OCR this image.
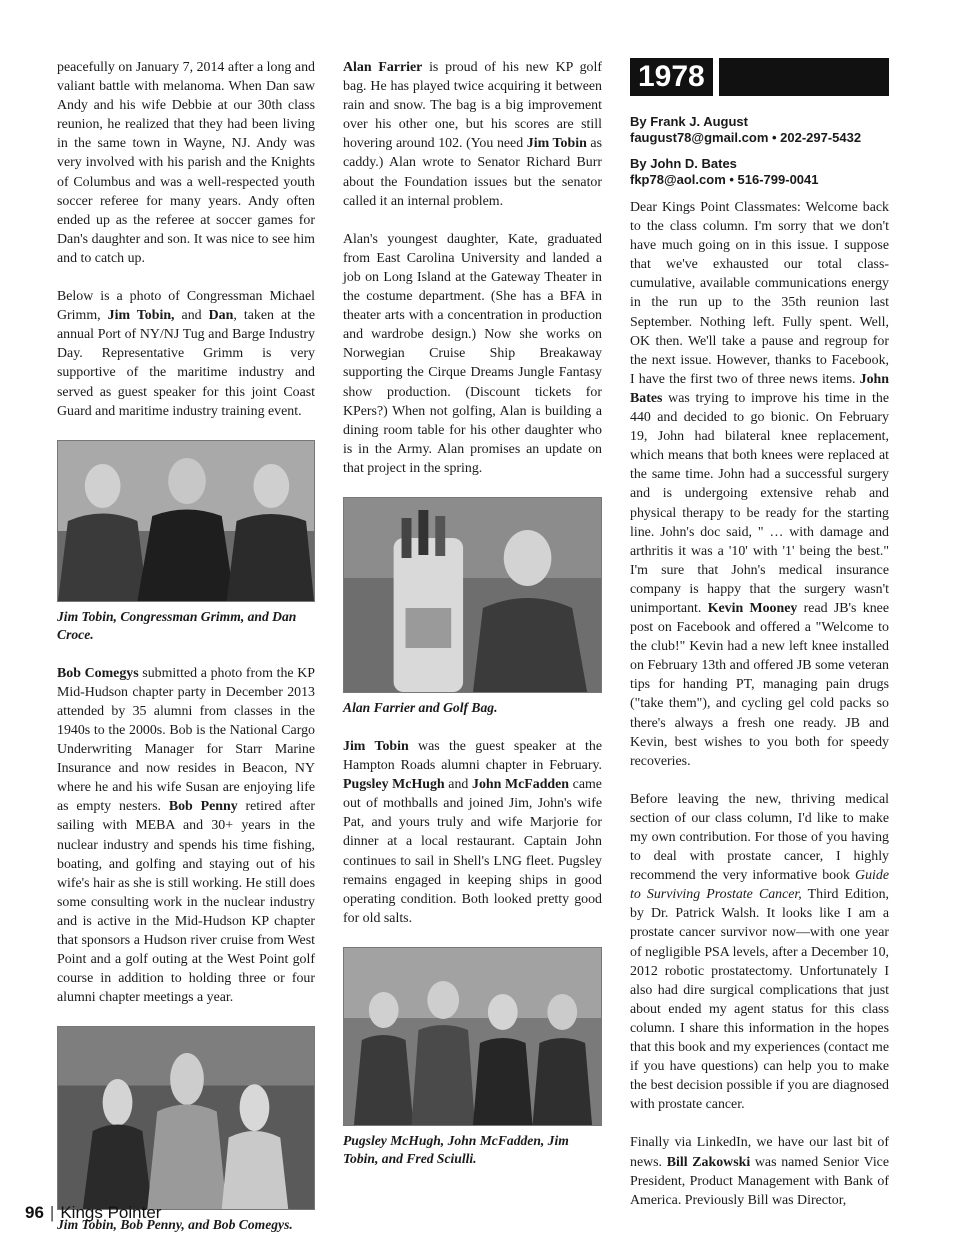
peacefully on January 7, 2014 after a long and valiant battle with melanoma. When Dan saw Andy and his wife Debbie at our 30th class reunion, he realized that they had been living in the same town in Wayne, NJ. Andy was very involved with his parish and the Knights of Columbus and was a well-respected youth soccer referee for many years. Andy often ended up as the referee at soccer games for Dan's daughter and son. It was nice to see him and to catch up.

Below is a photo of Congressman Michael Grimm, Jim Tobin, and Dan, taken at the annual Port of NY/NJ Tug and Barge Industry Day. Representative Grimm is very supportive of the maritime industry and served as guest speaker for this joint Coast Guard and maritime industry training event.

Jim Tobin, Congressman Grimm, and Dan Croce.

Bob Comegys submitted a photo from the KP Mid-Hudson chapter party in December 2013 attended by 35 alumni from classes in the 1940s to the 2000s. Bob is the National Cargo Underwriting Manager for Starr Marine Insurance and now resides in Beacon, NY where he and his wife Susan are enjoying life as empty nesters. Bob Penny retired after sailing with MEBA and 30+ years in the nuclear industry and spends his time fishing, boating, and golfing and staying out of his wife's hair as she is still working. He still does some consulting work in the nuclear industry and is active in the Mid-Hudson KP chapter that sponsors a Hudson river cruise from West Point and a golf outing at the West Point golf course in addition to holding three or four alumni chapter meetings a year.

Jim Tobin, Bob Penny, and Bob Comegys.

Alan Farrier is proud of his new KP golf bag. He has played twice acquiring it between rain and snow. The bag is a big improvement over his other one, but his scores are still hovering around 102. (You need Jim Tobin as caddy.) Alan wrote to Senator Richard Burr about the Foundation issues but the senator called it an internal problem.

Alan's youngest daughter, Kate, graduated from East Carolina University and landed a job on Long Island at the Gateway Theater in the costume department. (She has a BFA in theater arts with a concentration in production and wardrobe design.) Now she works on Norwegian Cruise Ship Breakaway supporting the Cirque Dreams Jungle Fantasy show production. (Discount tickets for KPers?) When not golfing, Alan is building a dining room table for his other daughter who is in the Army. Alan promises an update on that project in the spring.

Alan Farrier and Golf Bag.

Jim Tobin was the guest speaker at the Hampton Roads alumni chapter in February. Pugsley McHugh and John McFadden came out of mothballs and joined Jim, John's wife Pat, and yours truly and wife Marjorie for dinner at a local restaurant. Captain John continues to sail in Shell's LNG fleet. Pugsley remains engaged in keeping ships in good operating condition. Both looked pretty good for old salts.

Pugsley McHugh, John McFadden, Jim Tobin, and Fred Sciulli.
1978
By Frank J. August
faugust78@gmail.com • 202-297-5432
By John D. Bates
fkp78@aol.com • 516-799-0041

Dear Kings Point Classmates: Welcome back to the class column. I'm sorry that we don't have much going on in this issue. I suppose that we've exhausted our total class-cumulative, available communications energy in the run up to the 35th reunion last September. Nothing left. Fully spent. Well, OK then. We'll take a pause and regroup for the next issue. However, thanks to Facebook, I have the first two of three news items. John Bates was trying to improve his time in the 440 and decided to go bionic. On February 19, John had bilateral knee replacement, which means that both knees were replaced at the same time. John had a successful surgery and is undergoing extensive rehab and physical therapy to be ready for the starting line. John's doc said, " … with damage and arthritis it was a '10' with '1' being the best." I'm sure that John's medical insurance company is happy that the surgery wasn't unimportant. Kevin Mooney read JB's knee post on Facebook and offered a "Welcome to the club!" Kevin had a new left knee installed on February 13th and offered JB some veteran tips for handing PT, managing pain drugs ("take them"), and cycling gel cold packs so there's always a fresh one ready. JB and Kevin, best wishes to you both for speedy recoveries.

Before leaving the new, thriving medical section of our class column, I'd like to make my own contribution. For those of you having to deal with prostate cancer, I highly recommend the very informative book Guide to Surviving Prostate Cancer, Third Edition, by Dr. Patrick Walsh. It looks like I am a prostate cancer survivor now—with one year of negligible PSA levels, after a December 10, 2012 robotic prostatectomy. Unfortunately I also had dire surgical complications that just about ended my agent status for this class column. I share this information in the hopes that this book and my experiences (contact me if you have questions) can help you to make the best decision possible if you are diagnosed with prostate cancer.

Finally via LinkedIn, we have our last bit of news. Bill Zakowski was named Senior Vice President, Product Management with Bank of America. Previously Bill was Director,

96 | Kings Pointer
